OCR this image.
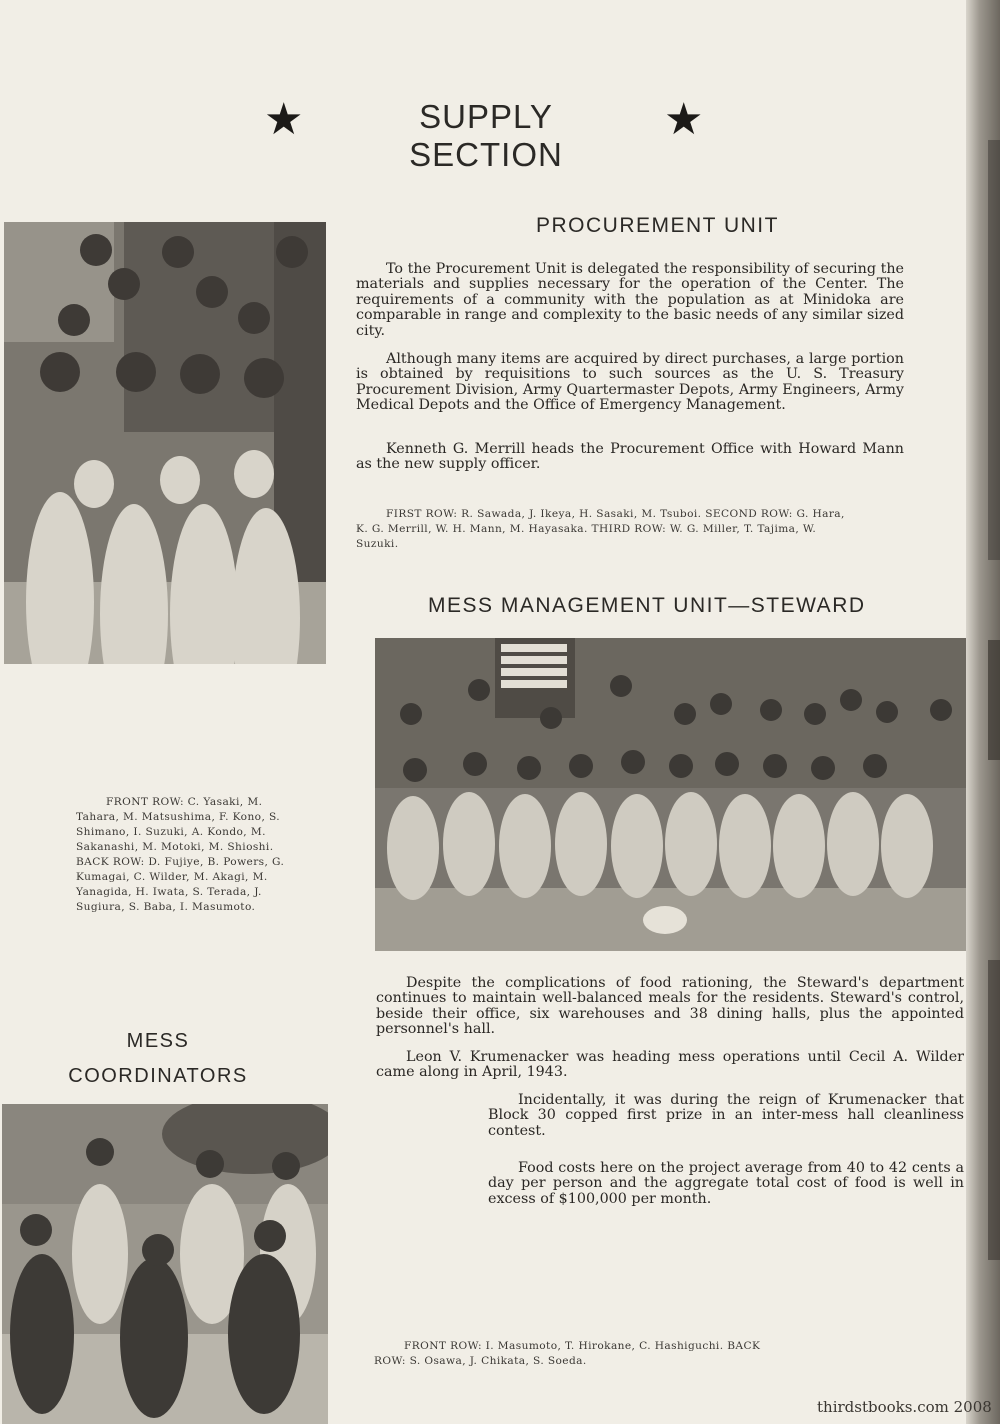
★	SUPPLY SECTION
★
PROCUREMENT UNIT

To the Procurement Unit is delegated the responsibility of securing the materials and supplies necessary for the operation of the Center. The requirements of a community with the population as at Minidoka are comparable in range and complexity to the basic needs of any similar sized city.

Although many items are acquired by direct purchases, a large portion is obtained by requisitions to such sources as the U. S. Treasury Procurement Division, Army Quartermaster Depots, Army Engineers, Army Medical Depots and the Office of Emergency Management.

Kenneth G. Merrill heads the Procurement Office with Howard Mann as the new supply officer.

FIRST ROW: R. Sawada, J. Ikeya, H. Sasaki, M. Tsuboi. SECOND ROW: G. Hara, K. G. Merrill, W. H. Mann, M. Hayasaka. THIRD ROW: W. G. Miller, T. Tajima, W. Suzuki.

MESS MANAGEMENT UNIT—STEWARD

FRONT ROW: C. Yasaki, M. Tahara, M. Matsushima, F. Kono, S. Shimano, I. Suzuki, A. Kondo, M. Sakanashi, M. Motoki, M. Shioshi. BACK ROW: D. Fujiye, B. Powers, G. Kumagai, C. Wilder, M. Akagi, M. Yanagida, H. Iwata, S. Terada, J. Sugiura, S. Baba, I. Masumoto.

Despite the complications of food rationing, the Steward's department continues to maintain well-balanced meals for the residents. Steward's control, beside their office, six warehouses and 38 dining halls, plus the appointed personnel's hall.

Leon V. Krumenacker was heading mess operations until Cecil A. Wilder came along in April, 1943.

Incidentally, it was during the reign of Krumenacker that Block 30 copped first prize in an inter-mess hall cleanliness contest.

Food costs here on the project average from 40 to 42 cents a day per person and the aggregate total cost of food is well in excess of $100,000 per month.

MESS
COORDINATORS

FRONT ROW: I. Masumoto, T. Hirokane, C. Hashiguchi. BACK ROW: S. Osawa, J. Chikata, S. Soeda.

thirdstbooks.com 2008
